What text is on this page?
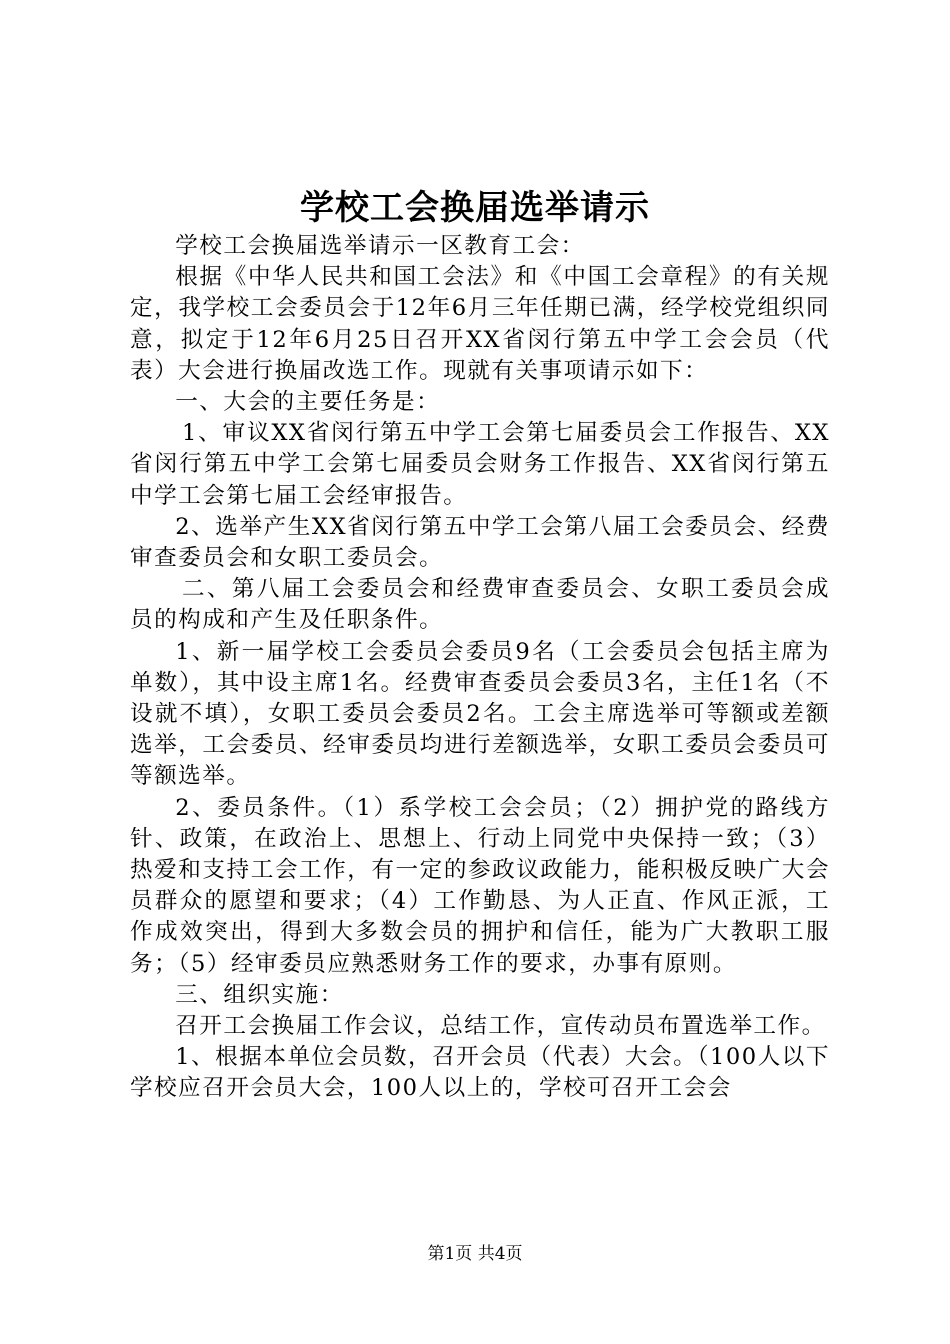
学校工会换届选举请示

学校工会换届选举请示一区教育工会：

根据《中华人民共和国工会法》和《中国工会章程》的有关规定，我学校工会委员会于12年6月三年任期已满，经学校党组织同意，拟定于12年6月25日召开XX省闵行第五中学工会会员（代表）大会进行换届改选工作。现就有关事项请示如下：

一、大会的主要任务是：

1、审议XX省闵行第五中学工会第七届委员会工作报告、XX省闵行第五中学工会第七届委员会财务工作报告、XX省闵行第五中学工会第七届工会经审报告。

2、选举产生XX省闵行第五中学工会第八届工会委员会、经费审查委员会和女职工委员会。

二、第八届工会委员会和经费审查委员会、女职工委员会成员的构成和产生及任职条件。

1、新一届学校工会委员会委员9名（工会委员会包括主席为单数），其中设主席1名。经费审查委员会委员3名，主任1名（不设就不填），女职工委员会委员2名。工会主席选举可等额或差额选举，工会委员、经审委员均进行差额选举，女职工委员会委员可等额选举。

2、委员条件。（1）系学校工会会员；（2）拥护党的路线方针、政策，在政治上、思想上、行动上同党中央保持一致；（3）热爱和支持工会工作，有一定的参政议政能力，能积极反映广大会员群众的愿望和要求；（4）工作勤恳、为人正直、作风正派，工作成效突出，得到大多数会员的拥护和信任，能为广大教职工服务；（5）经审委员应熟悉财务工作的要求，办事有原则。

三、组织实施：

召开工会换届工作会议，总结工作，宣传动员布置选举工作。

1、根据本单位会员数，召开会员（代表）大会。（100人以下学校应召开会员大会，100人以上的，学校可召开工会会

第1页 共4页
